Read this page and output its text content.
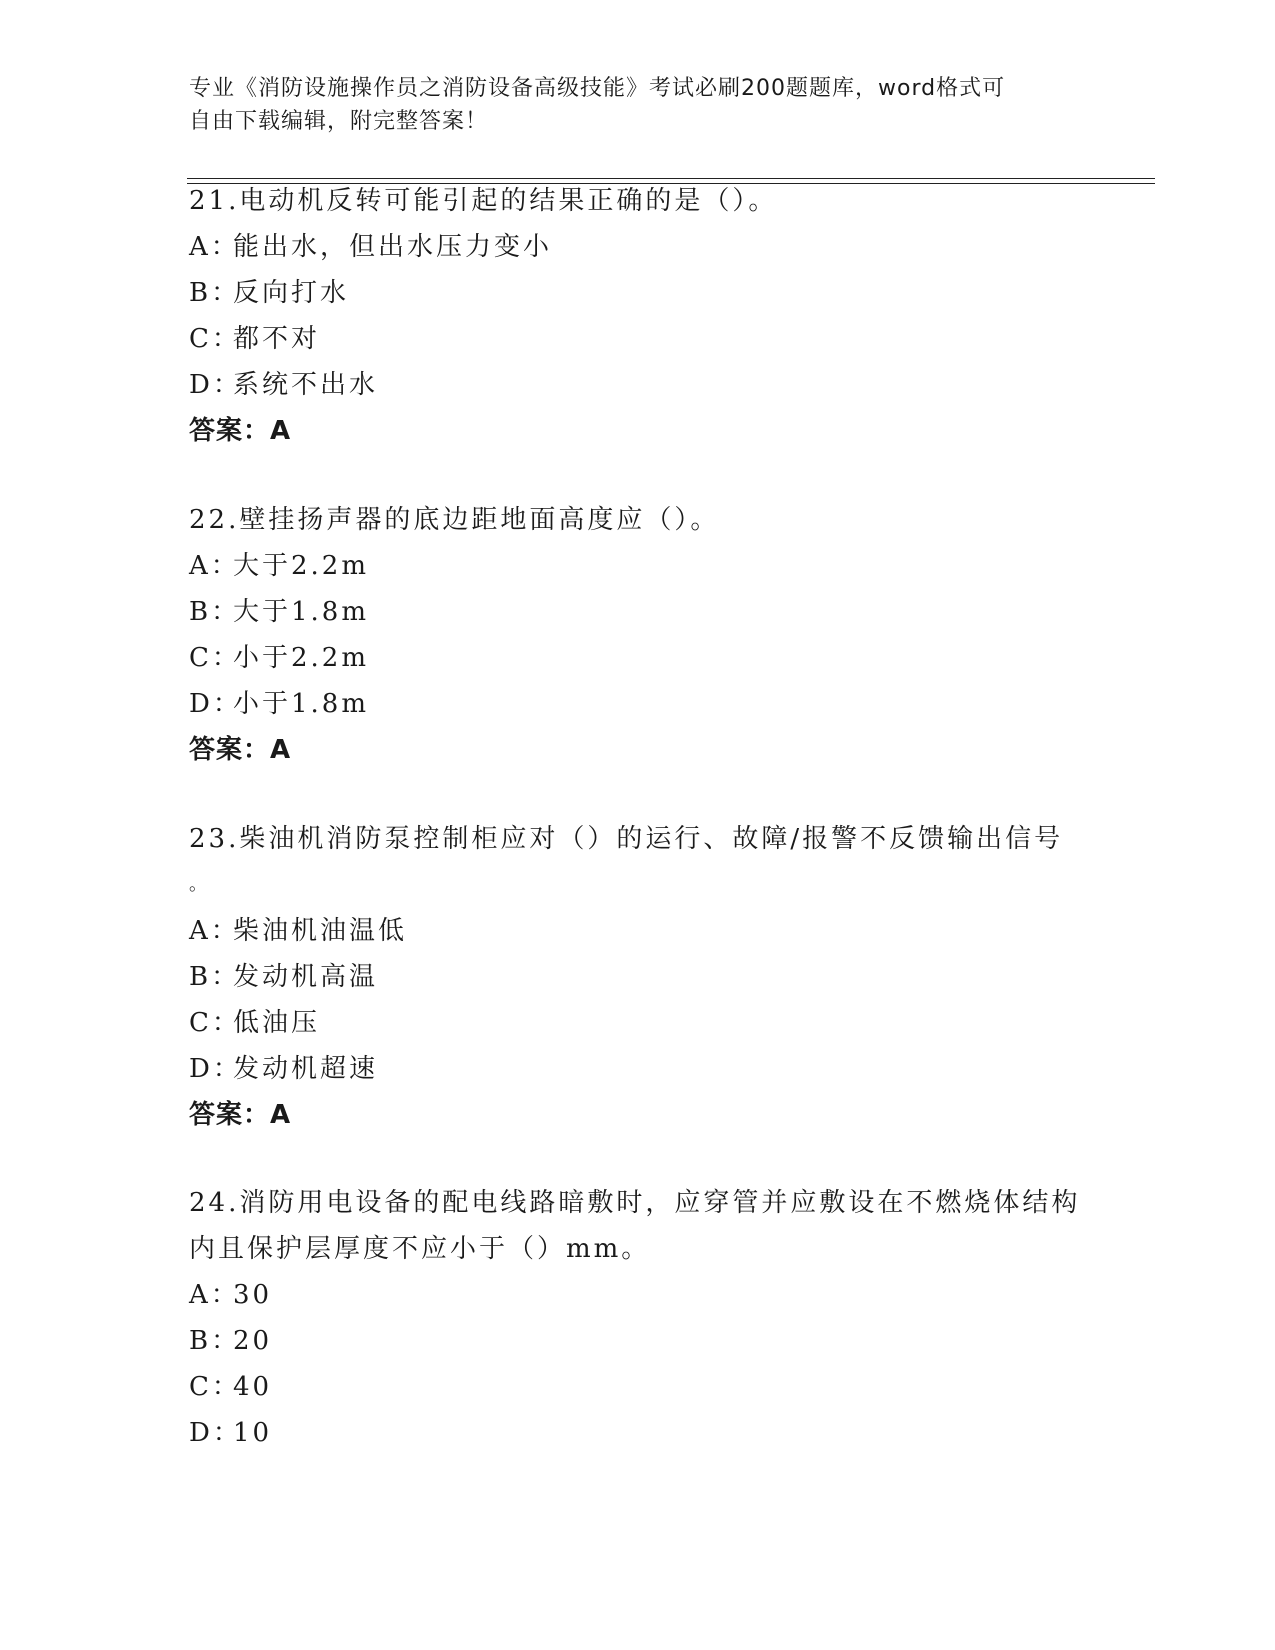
专业《消防设施操作员之消防设备高级技能》考试必刷200题题库，word格式可
自由下载编辑，附完整答案！
21.电动机反转可能引起的结果正确的是（）。
A：能出水，但出水压力变小
B：反向打水
C：都不对
D：系统不出水
答案：A
22.壁挂扬声器的底边距地面高度应（）。
A：大于2.2m
B：大于1.8m
C：小于2.2m
D：小于1.8m
答案：A
23.柴油机消防泵控制柜应对（）的运行、故障/报警不反馈输出信号
。
A：柴油机油温低
B：发动机高温
C：低油压
D：发动机超速
答案：A
24.消防用电设备的配电线路暗敷时，应穿管并应敷设在不燃烧体结构
内且保护层厚度不应小于（）mm。
A：30
B：20
C：40
D：10
